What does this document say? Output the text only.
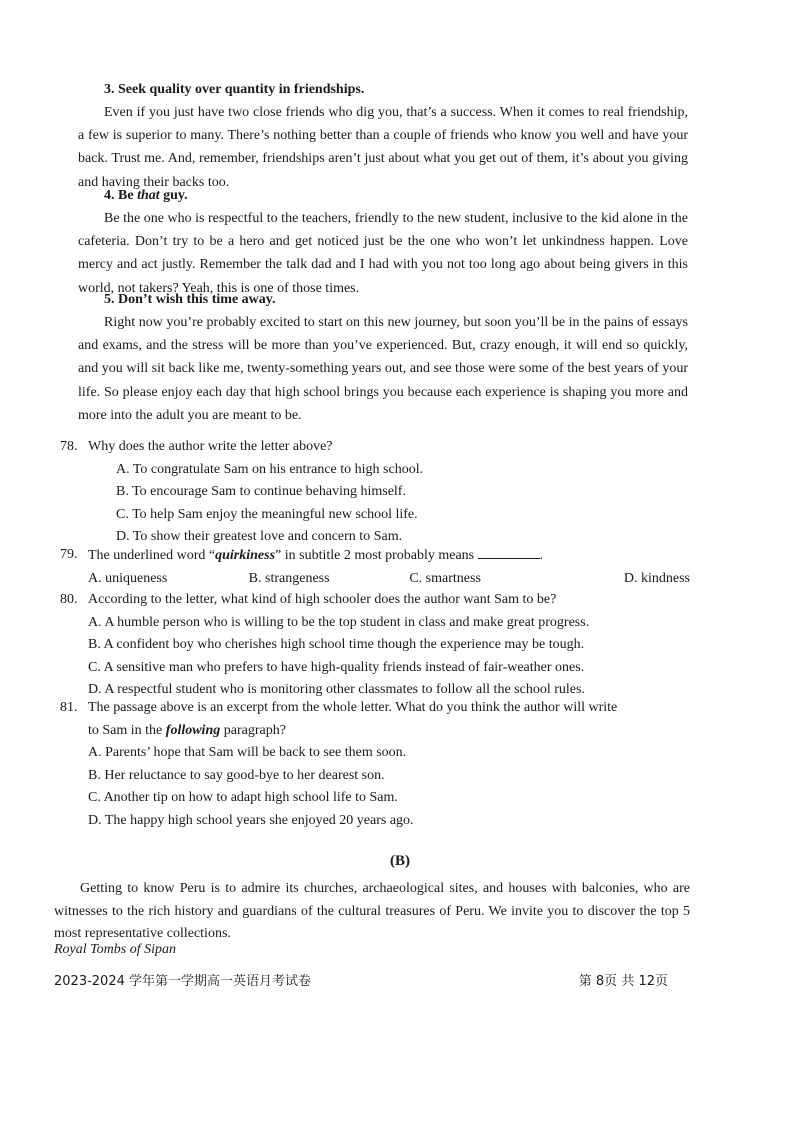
3. Seek quality over quantity in friendships.
Even if you just have two close friends who dig you, that’s a success. When it comes to real friendship, a few is superior to many. There’s nothing better than a couple of friends who know you well and have your back. Trust me. And, remember, friendships aren’t just about what you get out of them, it’s about you giving and having their backs too.
4. Be that guy.
Be the one who is respectful to the teachers, friendly to the new student, inclusive to the kid alone in the cafeteria. Don’t try to be a hero and get noticed just be the one who won’t let unkindness happen. Love mercy and act justly. Remember the talk dad and I had with you not too long ago about being givers in this world, not takers? Yeah, this is one of those times.
5. Don’t wish this time away.
Right now you’re probably excited to start on this new journey, but soon you’ll be in the pains of essays and exams, and the stress will be more than you’ve experienced. But, crazy enough, it will end so quickly, and you will sit back like me, twenty-something years out, and see those were some of the best years of your life. So please enjoy each day that high school brings you because each experience is shaping you more and more into the adult you are meant to be.
78. Why does the author write the letter above?
A. To congratulate Sam on his entrance to high school.
B. To encourage Sam to continue behaving himself.
C. To help Sam enjoy the meaningful new school life.
D. To show their greatest love and concern to Sam.
79. The underlined word “quirkiness” in subtitle 2 most probably means	.
A. uniqueness	B. strangeness	C. smartness	D. kindness
80. According to the letter, what kind of high schooler does the author want Sam to be?
A. A humble person who is willing to be the top student in class and make great progress.
B. A confident boy who cherishes high school time though the experience may be tough.
C. A sensitive man who prefers to have high-quality friends instead of fair-weather ones.
D. A respectful student who is monitoring other classmates to follow all the school rules.
81. The passage above is an excerpt from the whole letter. What do you think the author will write
to Sam in the following paragraph?
A. Parents’ hope that Sam will be back to see them soon.
B. Her reluctance to say good-bye to her dearest son.
C. Another tip on how to adapt high school life to Sam.
D. The happy high school years she enjoyed 20 years ago.
(B)
Getting to know Peru is to admire its churches, archaeological sites, and houses with balconies, who are witnesses to the rich history and guardians of the cultural treasures of Peru. We invite you to discover the top 5 most representative collections.
Royal Tombs of Sipan
2023-2024 学年第一学期高一英语月考试卷	第 8页 共 12页
